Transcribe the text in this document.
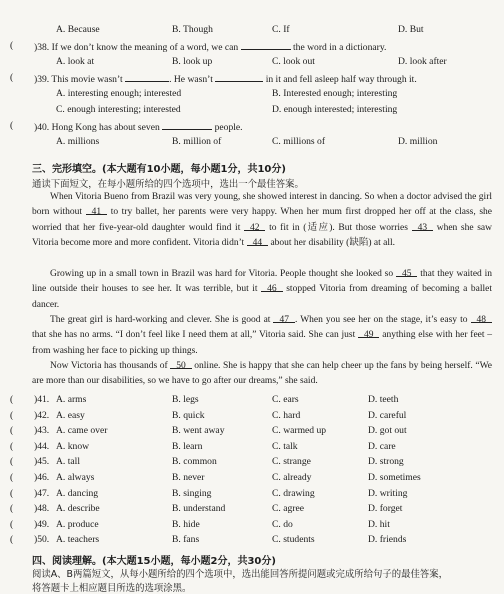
A. Because	B. Though	C. If	D. But
( )38. If we don’t know the meaning of a word, we can	the word in a dictionary.
A. look at	B. look up	C. look out	D. look after
( )39. This movie wasn’t	. He wasn’t	in it and fell asleep half way through it.
A. interesting enough; interested	B. Interested enough; interesting
C. enough interesting; interested	D. enough interested; interesting
( )40. Hong Kong has about seven	people.
A. millions	B. million of	C. millions of	D. million
三、完形填空。(本大题有10小题，每小题1分，共10分)
通读下面短文，在每小题所给的四个选项中，选出一个最佳答案。
When Vitoria Bueno from Brazil was very young, she showed interest in dancing. So when a doctor advised the girl born without 41 to try ballet, her parents were very happy. When her mum first dropped her off at the class, she worried that her five-year-old daughter would find it 42 to fit in (适应). But those worries 43 when she saw Vitoria become more and more confident. Vitoria didn’t 44 about her disability (缺陷) at all.
Growing up in a small town in Brazil was hard for Vitoria. People thought she looked so 45 that they waited in line outside their houses to see her. It was terrible, but it 46 stopped Vitoria from dreaming of becoming a ballet dancer.
The great girl is hard-working and clever. She is good at 47 . When you see her on the stage, it’s easy to 48 that she has no arms. “I don’t feel like I need them at all,” Vitoria said. She can just 49 anything else with her feet – from washing her face to picking up things.
Now Victoria has thousands of 50 online. She is happy that she can help cheer up the fans by being herself. “We are more than our disabilities, so we have to go after our dreams,” she said.
( )41. A. arms	B. legs	C. ears	D. teeth
( )42. A. easy	B. quick	C. hard	D. careful
( )43. A. came over	B. went away	C. warmed up	D. got out
( )44. A. know	B. learn	C. talk	D. care
( )45. A. tall	B. common	C. strange	D. strong
( )46. A. always	B. never	C. already	D. sometimes
( )47. A. dancing	B. singing	C. drawing	D. writing
( )48. A. describe	B. understand	C. agree	D. forget
( )49. A. produce	B. hide	C. do	D. hit
( )50. A. teachers	B. fans	C. students	D. friends
四、阅读理解。(本大题15小题，每小题2分，共30分)
阅读A、B两篇短文，从每小题所给的四个选项中，选出能回答所提问题或完成所给句子的最佳答案，
将答题卡上相应题目所选的选项涂黑。
